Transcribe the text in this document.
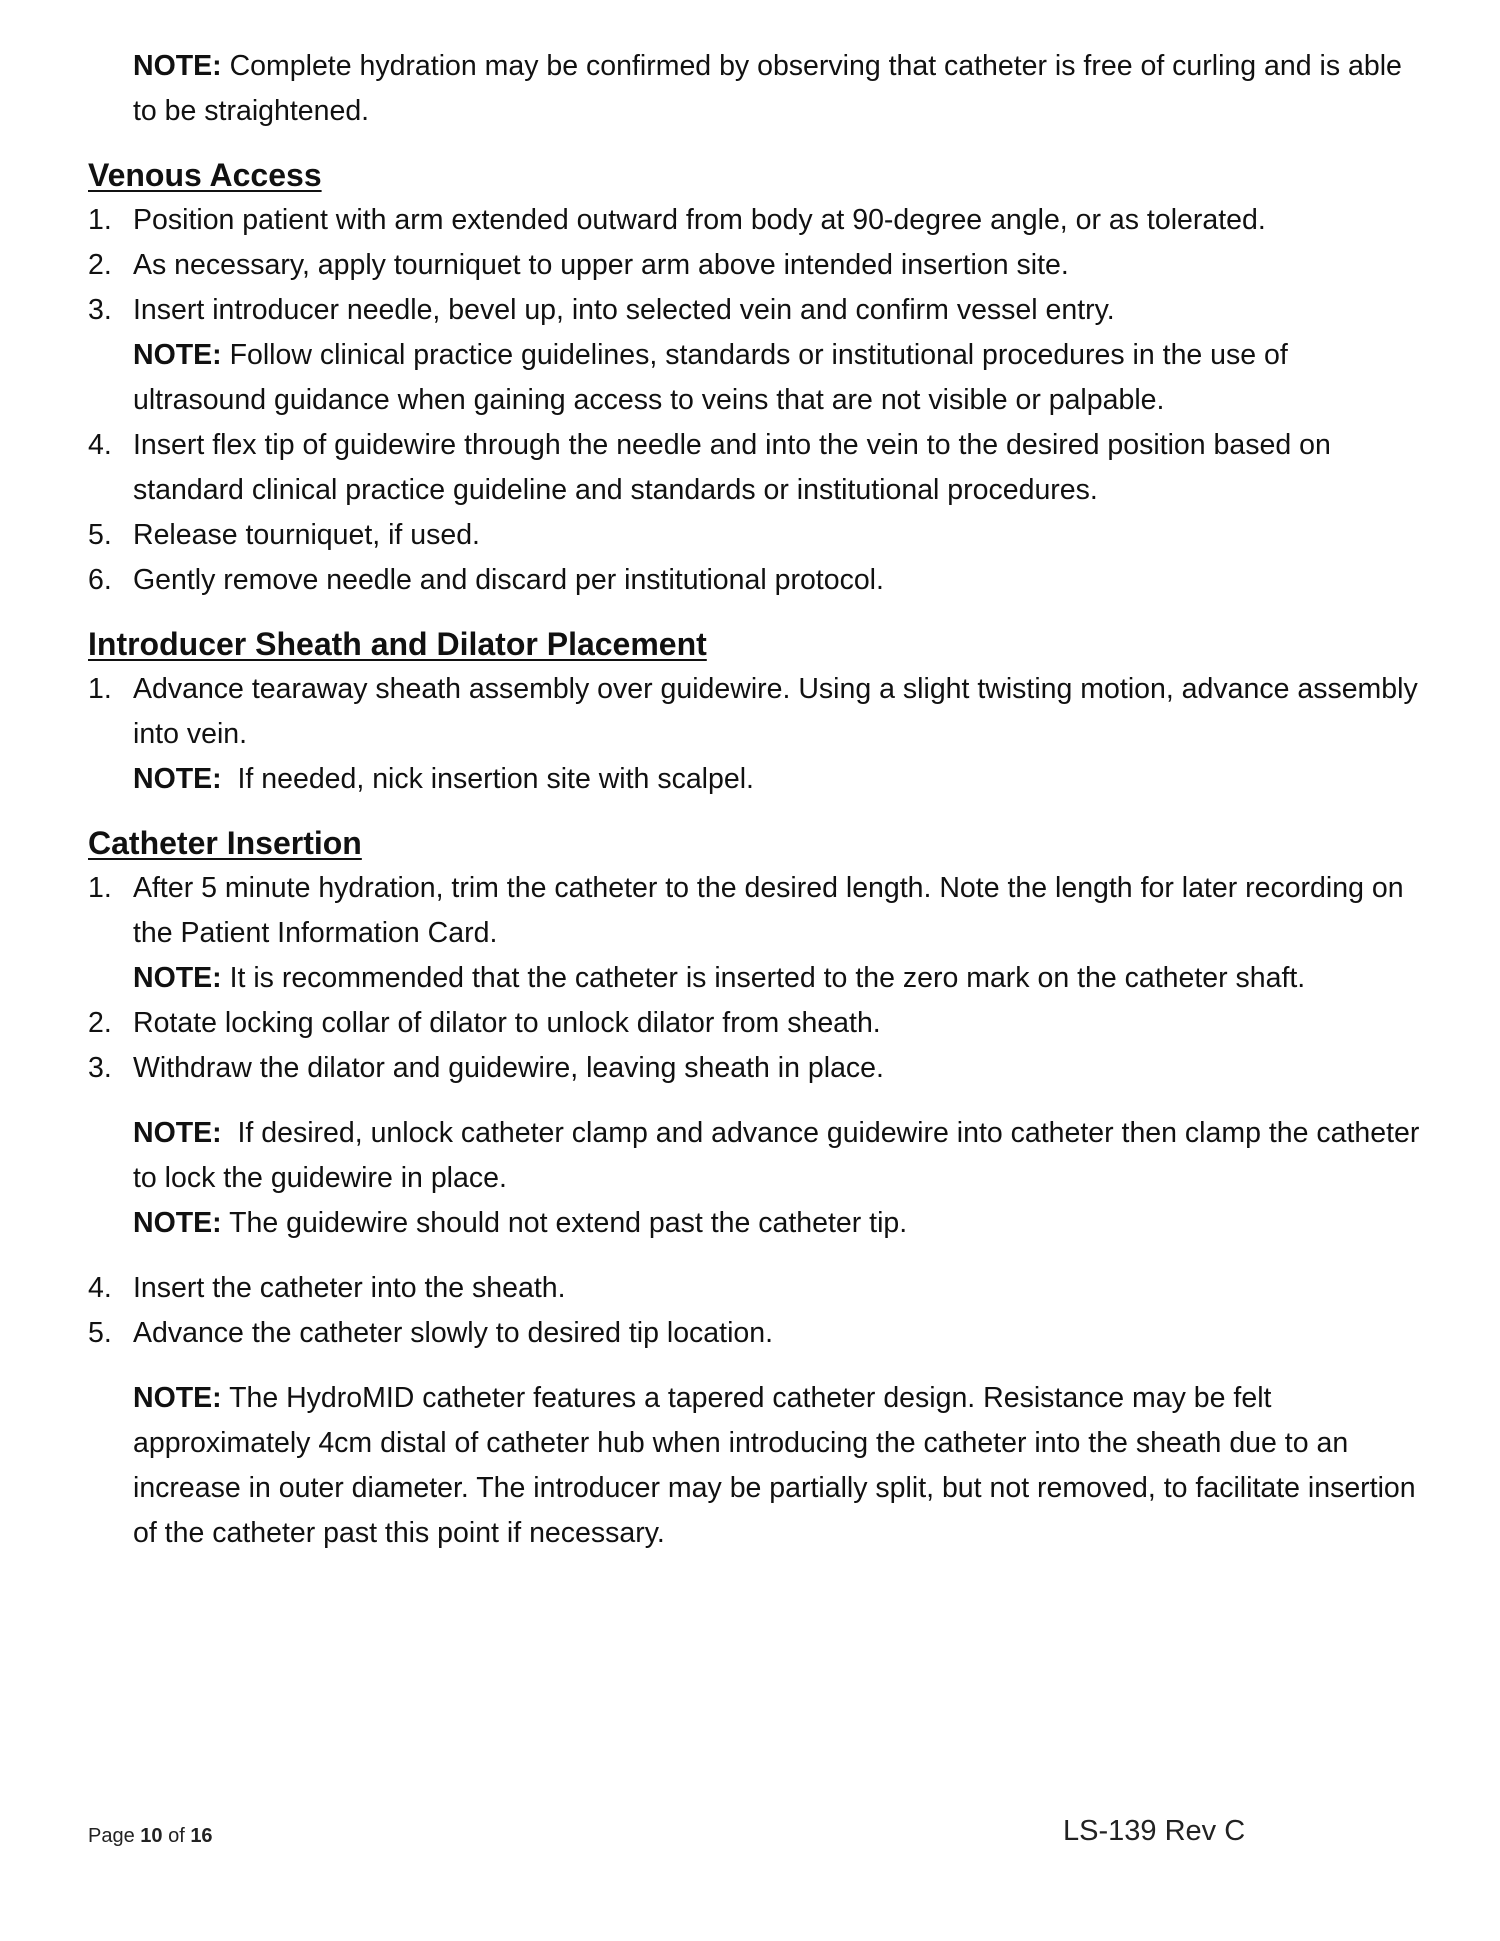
NOTE: Complete hydration may be confirmed by observing that catheter is free of curling and is able to be straightened.

Venous Access
1. Position patient with arm extended outward from body at 90-degree angle, or as tolerated.
2. As necessary, apply tourniquet to upper arm above intended insertion site.
3. Insert introducer needle, bevel up, into selected vein and confirm vessel entry.
NOTE: Follow clinical practice guidelines, standards or institutional procedures in the use of ultrasound guidance when gaining access to veins that are not visible or palpable.
4. Insert flex tip of guidewire through the needle and into the vein to the desired position based on standard clinical practice guideline and standards or institutional procedures.
5. Release tourniquet, if used.
6. Gently remove needle and discard per institutional protocol.
Introducer Sheath and Dilator Placement
1. Advance tearaway sheath assembly over guidewire. Using a slight twisting motion, advance assembly into vein.
NOTE:  If needed, nick insertion site with scalpel.
Catheter Insertion
1. After 5 minute hydration, trim the catheter to the desired length. Note the length for later recording on the Patient Information Card.
NOTE: It is recommended that the catheter is inserted to the zero mark on the catheter shaft.
2. Rotate locking collar of dilator to unlock dilator from sheath.
3. Withdraw the dilator and guidewire, leaving sheath in place.

NOTE:  If desired, unlock catheter clamp and advance guidewire into catheter then clamp the catheter to lock the guidewire in place.
NOTE: The guidewire should not extend past the catheter tip.

4. Insert the catheter into the sheath.
5. Advance the catheter slowly to desired tip location.

NOTE: The HydroMID catheter features a tapered catheter design. Resistance may be felt approximately 4cm distal of catheter hub when introducing the catheter into the sheath due to an increase in outer diameter. The introducer may be partially split, but not removed, to facilitate insertion of the catheter past this point if necessary.

Page 10 of 16	LS-139 Rev C
